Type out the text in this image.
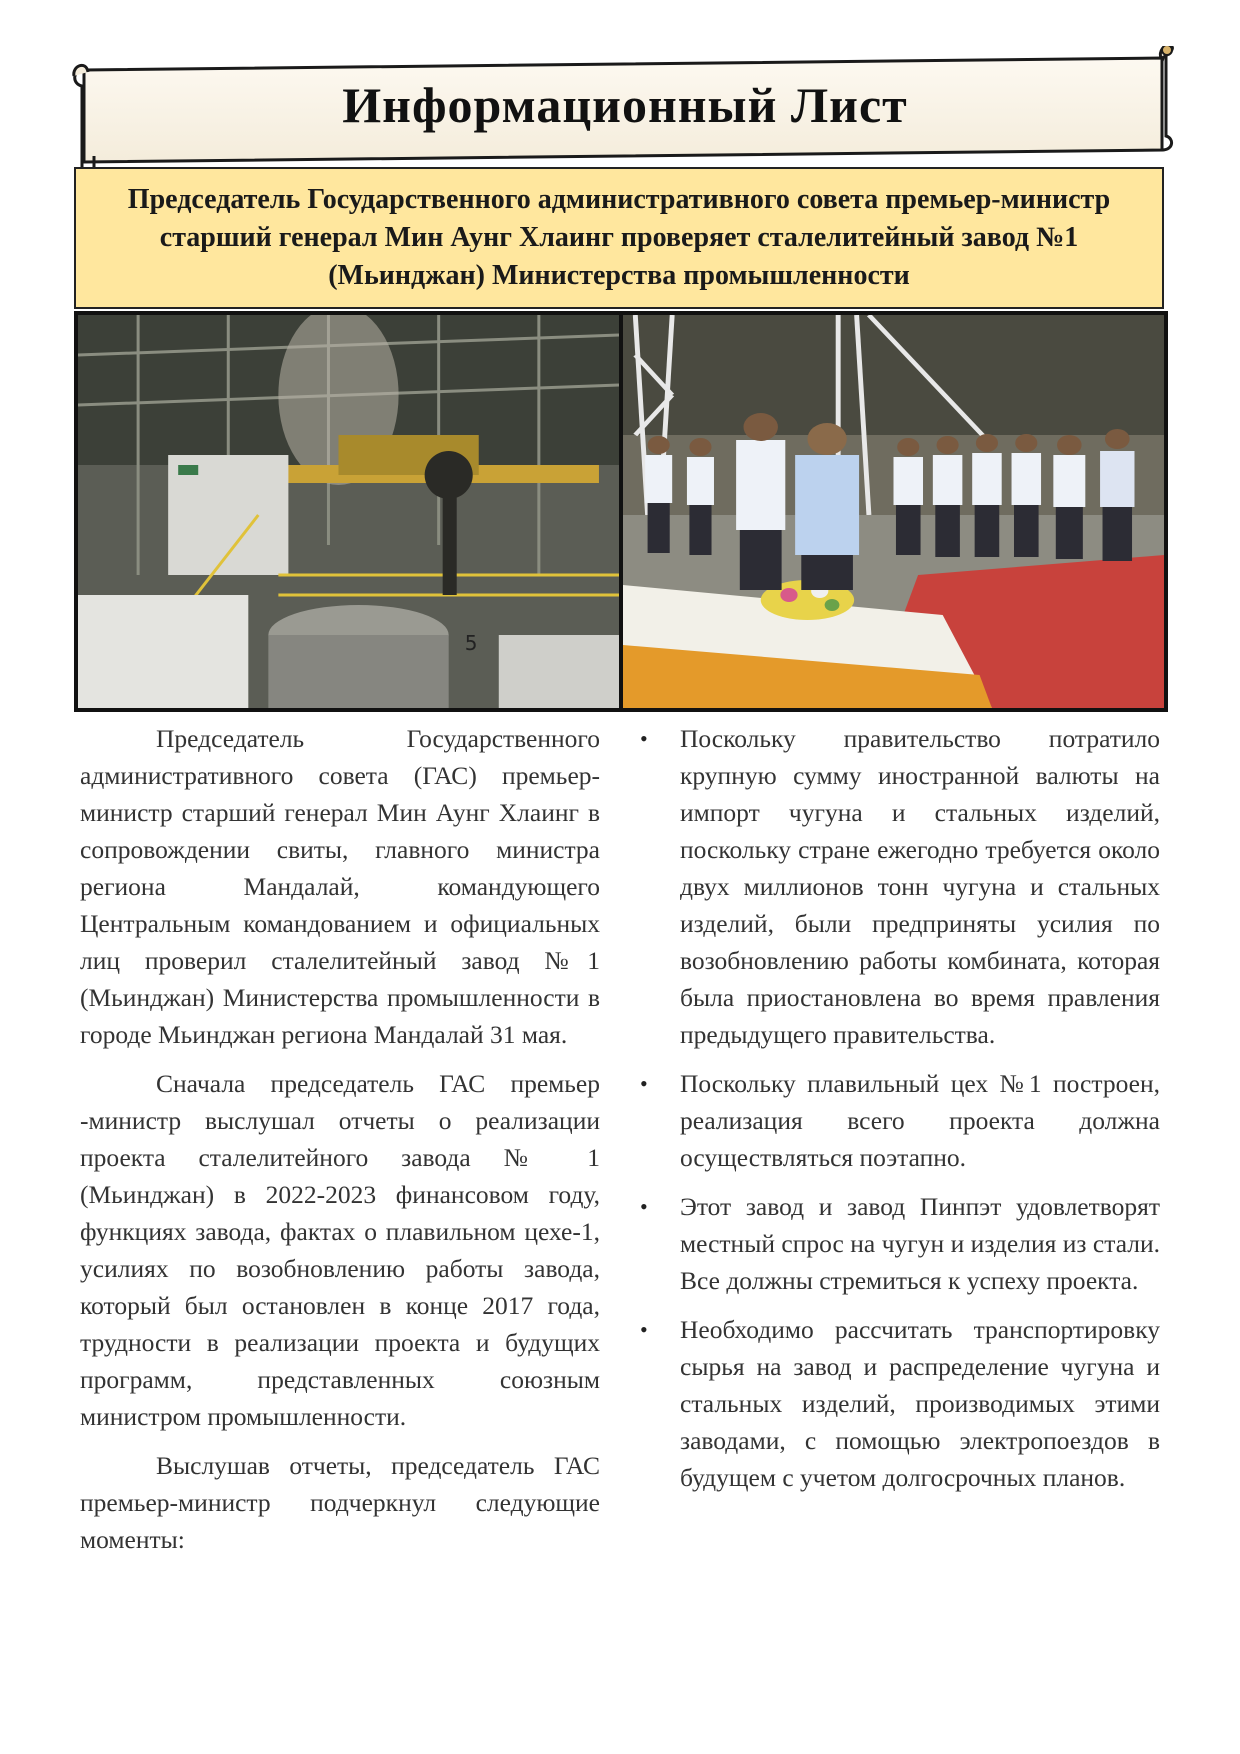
Информационный Лист
Председатель Государственного административного совета премьер-министр старший генерал Мин Аунг Хлаинг проверяет сталелитейный завод №1 (Мьинджан) Министерства промышленности
5

Председатель Государственного административного совета (ГАС) премьер-министр старший генерал Мин Аунг Хлаинг в сопровождении свиты, главного министра региона Мандалай, командующего Центральным командованием и официальных лиц проверил сталелитейный завод №1 (Мьинджан) Министерства промышленности в городе Мьинджан региона Мандалай 31 мая.

Сначала председатель ГАС премьер -министр выслушал отчеты о реализации проекта сталелитейного завода № 1 (Мьинджан) в 2022-2023 финансовом году, функциях завода, фактах о плавильном цехе-1, усилиях по возобновлению работы завода, который был остановлен в конце 2017 года, трудности в реализации проекта и будущих программ, представленных союзным министром промышленности.

Выслушав отчеты, председатель ГАС премьер-министр подчеркнул следующие моменты:

•	Поскольку правительство потратило крупную сумму иностранной валюты на импорт чугуна и стальных изделий, поскольку стране ежегодно требуется около двух миллионов тонн чугуна и стальных изделий, были предприняты усилия по возобновлению работы комбината, которая была приостановлена во время правления предыдущего правительства.
•	Поскольку плавильный цех №1 построен, реализация всего проекта должна осуществляться поэтапно.
•	Этот завод и завод Пинпэт удовлетворят местный спрос на чугун и изделия из стали. Все должны стремиться к успеху проекта.
•	Необходимо рассчитать транспортировку сырья на завод и распределение чугуна и стальных изделий, производимых этими заводами, с помощью электропоездов в будущем с учетом долгосрочных планов.
